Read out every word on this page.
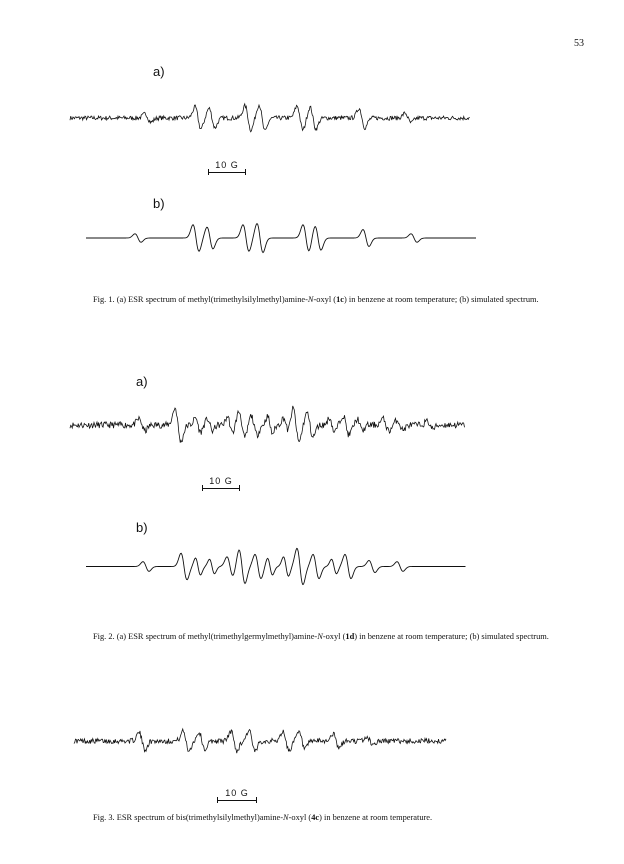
53
a)
10 G
b)
Fig. 1. (a) ESR spectrum of methyl(trimethylsilylmethyl)amine-N-oxyl (1c) in benzene at room temperature; (b) simulated spectrum.
a)
10 G
b)
Fig. 2. (a) ESR spectrum of methyl(trimethylgermylmethyl)amine-N-oxyl (1d) in benzene at room temperature; (b) simulated spectrum.
10 G
Fig. 3. ESR spectrum of bis(trimethylsilylmethyl)amine-N-oxyl (4c) in benzene at room temperature.
